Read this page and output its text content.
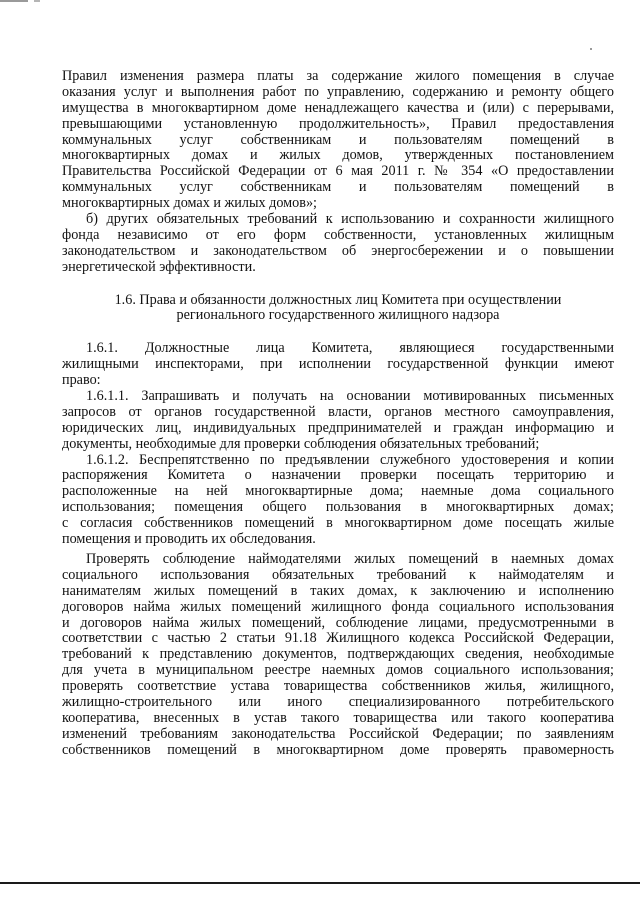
Правил изменения размера платы за содержание жилого помещения в случае
оказания услуг и выполнения работ по управлению, содержанию и ремонту общего
имущества в многоквартирном доме ненадлежащего качества и (или) с перерывами,
превышающими установленную продолжительность», Правил предоставления
коммунальных услуг собственникам и пользователям помещений в
многоквартирных домах и жилых домов, утвержденных постановлением
Правительства Российской Федерации от 6 мая 2011 г. № 354 «О предоставлении
коммунальных услуг собственникам и пользователям помещений в
многоквартирных домах и жилых домов»;
б) других обязательных требований к использованию и сохранности жилищного
фонда независимо от его форм собственности, установленных жилищным
законодательством и законодательством об энергосбережении и о повышении
энергетической эффективности.
1.6. Права и обязанности должностных лиц Комитета при осуществлении
регионального государственного жилищного надзора
1.6.1. Должностные лица Комитета, являющиеся государственными
жилищными инспекторами, при исполнении государственной функции имеют
право:
1.6.1.1. Запрашивать и получать на основании мотивированных письменных
запросов от органов государственной власти, органов местного самоуправления,
юридических лиц, индивидуальных предпринимателей и граждан информацию и
документы, необходимые для проверки соблюдения обязательных требований;
1.6.1.2. Беспрепятственно по предъявлении служебного удостоверения и копии
распоряжения Комитета о назначении проверки посещать территорию и
расположенные на ней многоквартирные дома; наемные дома социального
использования; помещения общего пользования в многоквартирных домах;
с согласия собственников помещений в многоквартирном доме посещать жилые
помещения и проводить их обследования.
Проверять соблюдение наймодателями жилых помещений в наемных домах
социального использования обязательных требований к наймодателям и
нанимателям жилых помещений в таких домах, к заключению и исполнению
договоров найма жилых помещений жилищного фонда социального использования
и договоров найма жилых помещений, соблюдение лицами, предусмотренными в
соответствии с частью 2 статьи 91.18 Жилищного кодекса Российской Федерации,
требований к представлению документов, подтверждающих сведения, необходимые
для учета в муниципальном реестре наемных домов социального использования;
проверять соответствие устава товарищества собственников жилья, жилищного,
жилищно-строительного или иного специализированного потребительского
кооператива, внесенных в устав такого товарищества или такого кооператива
изменений требованиям законодательства Российской Федерации; по заявлениям
собственников помещений в многоквартирном доме проверять правомерность
